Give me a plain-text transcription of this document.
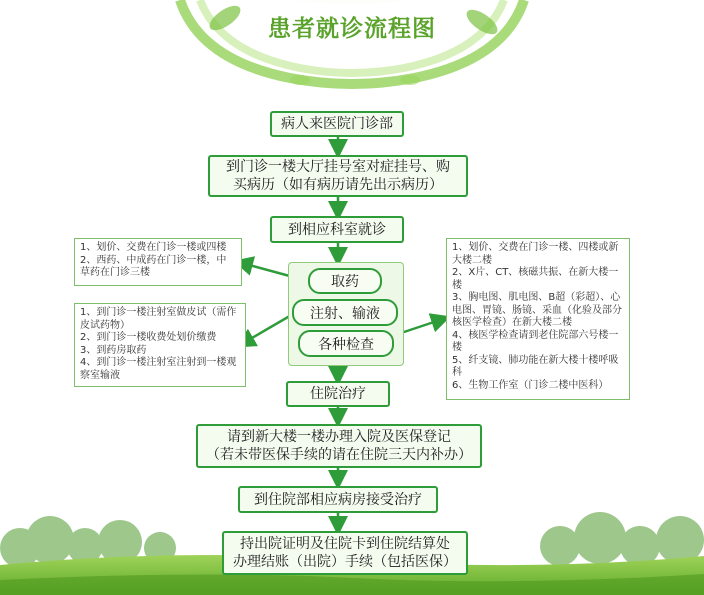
患者就诊流程图
病人来医院门诊部
到门诊一楼大厅挂号室对症挂号、购
买病历（如有病历请先出示病历）
到相应科室就诊
取药
注射、输液
各种检查
住院治疗
请到新大楼一楼办理入院及医保登记
（若未带医保手续的请在住院三天内补办）
到住院部相应病房接受治疗
持出院证明及住院卡到住院结算处
办理结账（出院）手续（包括医保）
1、划价、交费在门诊一楼或四楼
2、西药、中成药在门诊一楼，中草药在门诊三楼
1、到门诊一楼注射室做皮试（需作皮试药物）
2、到门诊一楼收费处划价缴费
3、到药房取药
4、到门诊一楼注射室注射到一楼观察室输液
1、划价、交费在门诊一楼、四楼或新大楼二楼
2、X片、CT、核磁共振、在新大楼一楼
3、胸电图、肌电图、B超（彩超）、心电图、胃镜、肠镜、采血（化验及部分核医学检查）在新大楼二楼
4、核医学检查请到老住院部六号楼一楼
5、纤支镜、肺功能在新大楼十楼呼吸科
6、生物工作室（门诊二楼中医科）
